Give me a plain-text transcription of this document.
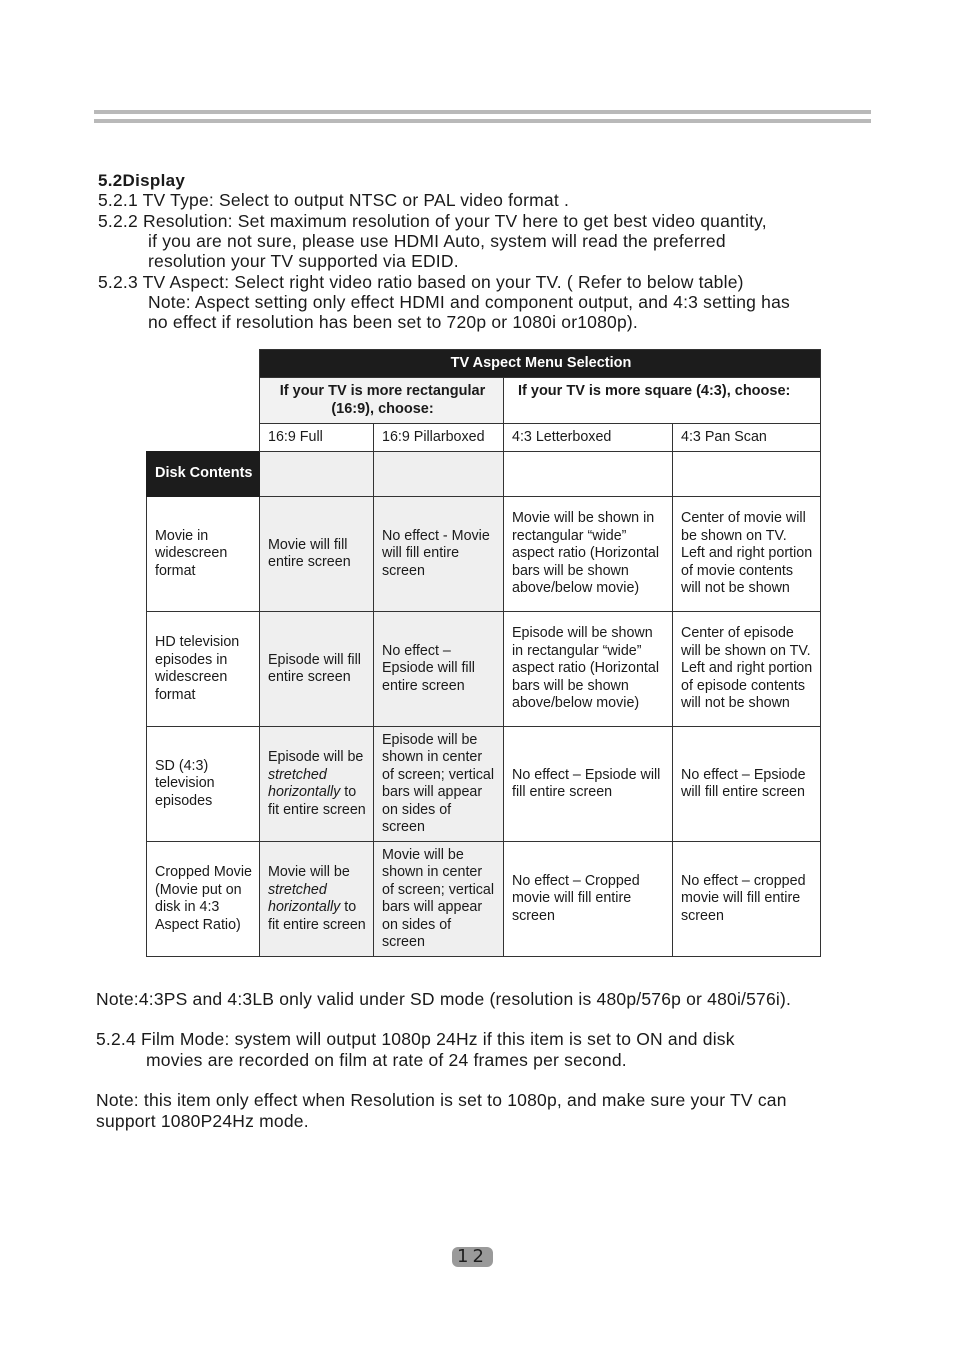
5.2Display
5.2.1 TV Type: Select to output NTSC or PAL video format .
5.2.2 Resolution: Set maximum resolution of your TV here to get best video quantity,
if you are not sure, please use HDMI Auto, system will read the preferred
resolution your TV supported via EDID.
5.2.3 TV Aspect: Select right video ratio based on your TV. ( Refer to below table)
Note: Aspect setting only effect HDMI and component output, and 4:3 setting has
no effect if resolution has been set to 720p or 1080i or1080p).
	TV Aspect Menu Selection			
	If your TV is more rectangular (16:9), choose:		If your TV is more square (4:3), choose:	
	16:9 Full	16:9 Pillarboxed	4:3 Letterboxed	4:3 Pan Scan
Disk Contents				
Movie in widescreen format	Movie will fill entire screen	No effect - Movie will fill entire screen	Movie will be shown in rectangular “wide” aspect ratio (Horizontal bars will be shown above/below movie)	Center of movie will be shown on TV. Left and right portion of movie contents will not be shown
HD television episodes in widescreen format	Episode will fill entire screen	No effect – Epsiode will fill entire screen	Episode will be shown in rectangular “wide” aspect ratio (Horizontal bars will be shown above/below movie)	Center of episode will be shown on TV. Left and right portion of episode contents will not be shown
SD (4:3) television episodes	Episode will be stretched horizontally to fit entire screen	Episode will be shown in center of screen; vertical bars will appear on sides of screen	No effect – Epsiode will fill entire screen	No effect – Epsiode will fill entire screen
Cropped Movie (Movie put on disk in 4:3 Aspect Ratio)	Movie will be stretched horizontally to fit entire screen	Movie will be shown in center of screen; vertical bars will appear on sides of screen	No effect – Cropped movie will fill entire screen	No effect – cropped movie will fill entire screen
Note:4:3PS and 4:3LB only valid under SD mode (resolution is 480p/576p or 480i/576i).
5.2.4 Film Mode: system will output 1080p 24Hz if this item is set to ON and disk
movies are recorded on film at rate of 24 frames per second.
Note: this item only effect when Resolution is set to 1080p, and make sure your TV can
support 1080P24Hz mode.
12
